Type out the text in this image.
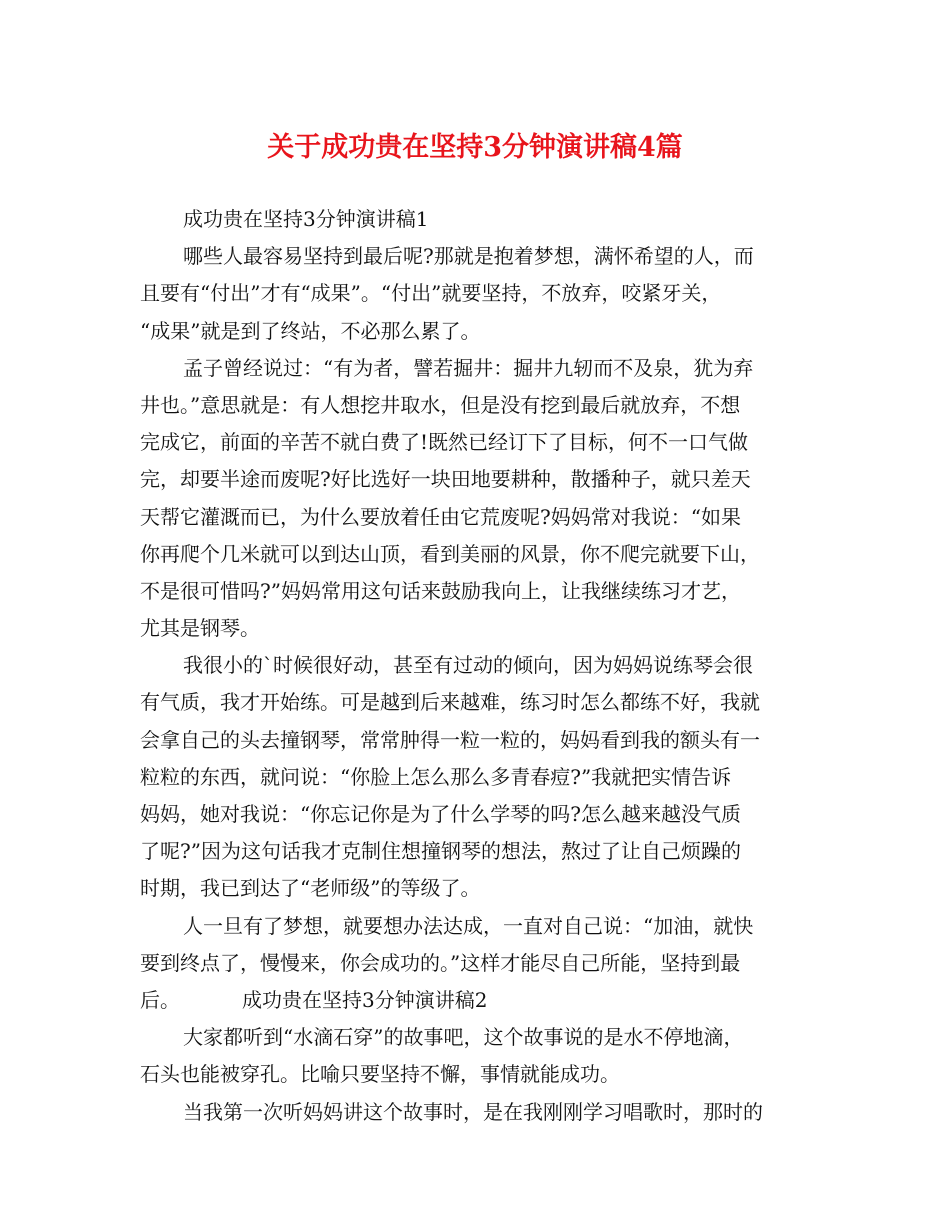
关于成功贵在坚持3分钟演讲稿4篇
成功贵在坚持3分钟演讲稿1
哪些人最容易坚持到最后呢?那就是抱着梦想，满怀希望的人，而
且要有“付出”才有“成果”。“付出”就要坚持，不放弃，咬紧牙关，
“成果”就是到了终站，不必那么累了。
孟子曾经说过：“有为者，譬若掘井：掘井九轫而不及泉，犹为弃
井也。”意思就是：有人想挖井取水，但是没有挖到最后就放弃，不想
完成它，前面的辛苦不就白费了!既然已经订下了目标，何不一口气做
完，却要半途而废呢?好比选好一块田地要耕种，散播种子，就只差天
天帮它灌溉而已，为什么要放着任由它荒废呢?妈妈常对我说：“如果
你再爬个几米就可以到达山顶，看到美丽的风景，你不爬完就要下山，
不是很可惜吗?”妈妈常用这句话来鼓励我向上，让我继续练习才艺，
尤其是钢琴。
我很小的`时候很好动，甚至有过动的倾向，因为妈妈说练琴会很
有气质，我才开始练。可是越到后来越难，练习时怎么都练不好，我就
会拿自己的头去撞钢琴，常常肿得一粒一粒的，妈妈看到我的额头有一
粒粒的东西，就问说：“你脸上怎么那么多青春痘?”我就把实情告诉
妈妈，她对我说：“你忘记你是为了什么学琴的吗?怎么越来越没气质
了呢?”因为这句话我才克制住想撞钢琴的想法，熬过了让自己烦躁的
时期，我已到达了“老师级”的等级了。
人一旦有了梦想，就要想办法达成，一直对自己说：“加油，就快
要到终点了，慢慢来，你会成功的。”这样才能尽自己所能，坚持到最
后。	成功贵在坚持3分钟演讲稿2
大家都听到“水滴石穿”的故事吧，这个故事说的是水不停地滴，
石头也能被穿孔。比喻只要坚持不懈，事情就能成功。
当我第一次听妈妈讲这个故事时，是在我刚刚学习唱歌时，那时的
